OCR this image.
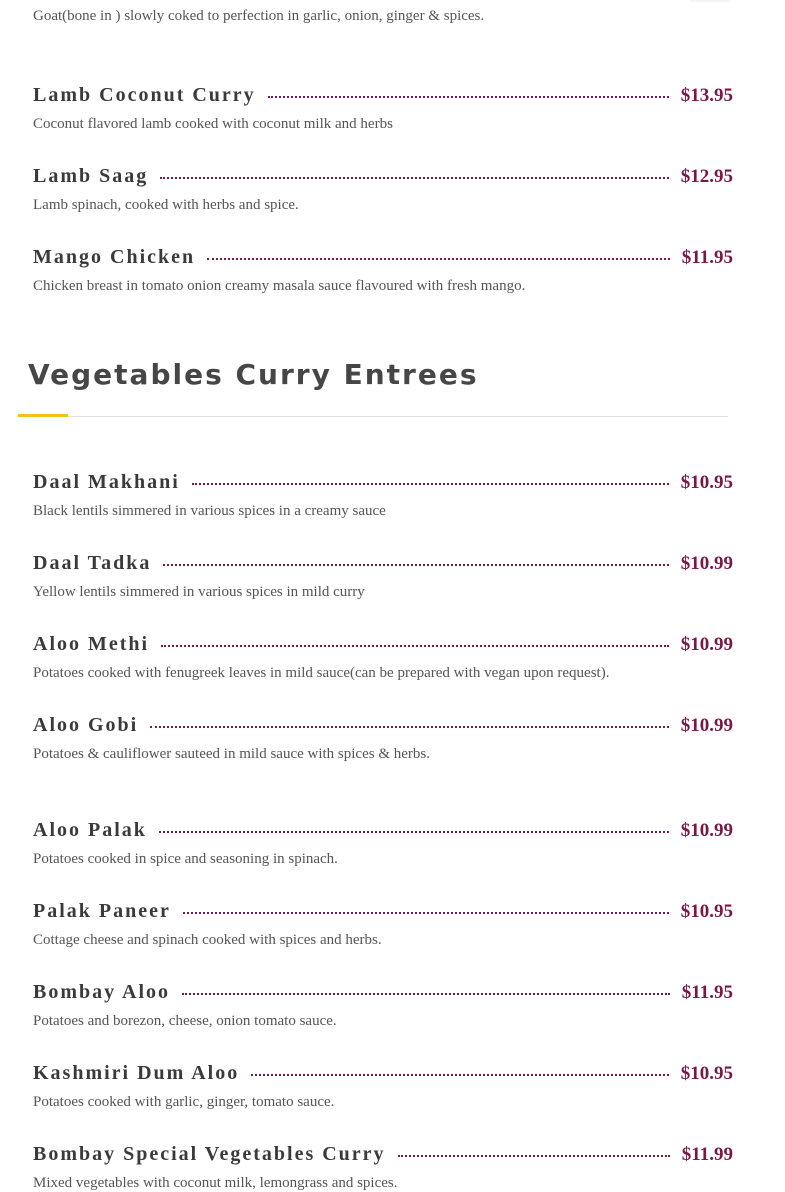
Goat(bone in ) slowly coked to perfection in garlic, onion, ginger & spices.

Lamb Coconut Curry	$13.95
Coconut flavored lamb cooked with coconut milk and herbs
Lamb Saag	$12.95
Lamb spinach, cooked with herbs and spice.
Mango Chicken	$11.95
Chicken breast in tomato onion creamy masala sauce flavoured with fresh mango.
Vegetables Curry Entrees
Daal Makhani	$10.95
Black lentils simmered in various spices in a creamy sauce
Daal Tadka	$10.99
Yellow lentils simmered in various spices in mild curry
Aloo Methi	$10.99
Potatoes cooked with fenugreek leaves in mild sauce(can be prepared with vegan upon request).
Aloo Gobi	$10.99
Potatoes & cauliflower sauteed in mild sauce with spices & herbs.
Aloo Palak	$10.99
Potatoes cooked in spice and seasoning in spinach.
Palak Paneer	$10.95
Cottage cheese and spinach cooked with spices and herbs.
Bombay Aloo	$11.95
Potatoes and borezon, cheese, onion tomato sauce.
Kashmiri Dum Aloo	$10.95
Potatoes cooked with garlic, ginger, tomato sauce.
Bombay Special Vegetables Curry	$11.99
Mixed vegetables with coconut milk, lemongrass and spices.
